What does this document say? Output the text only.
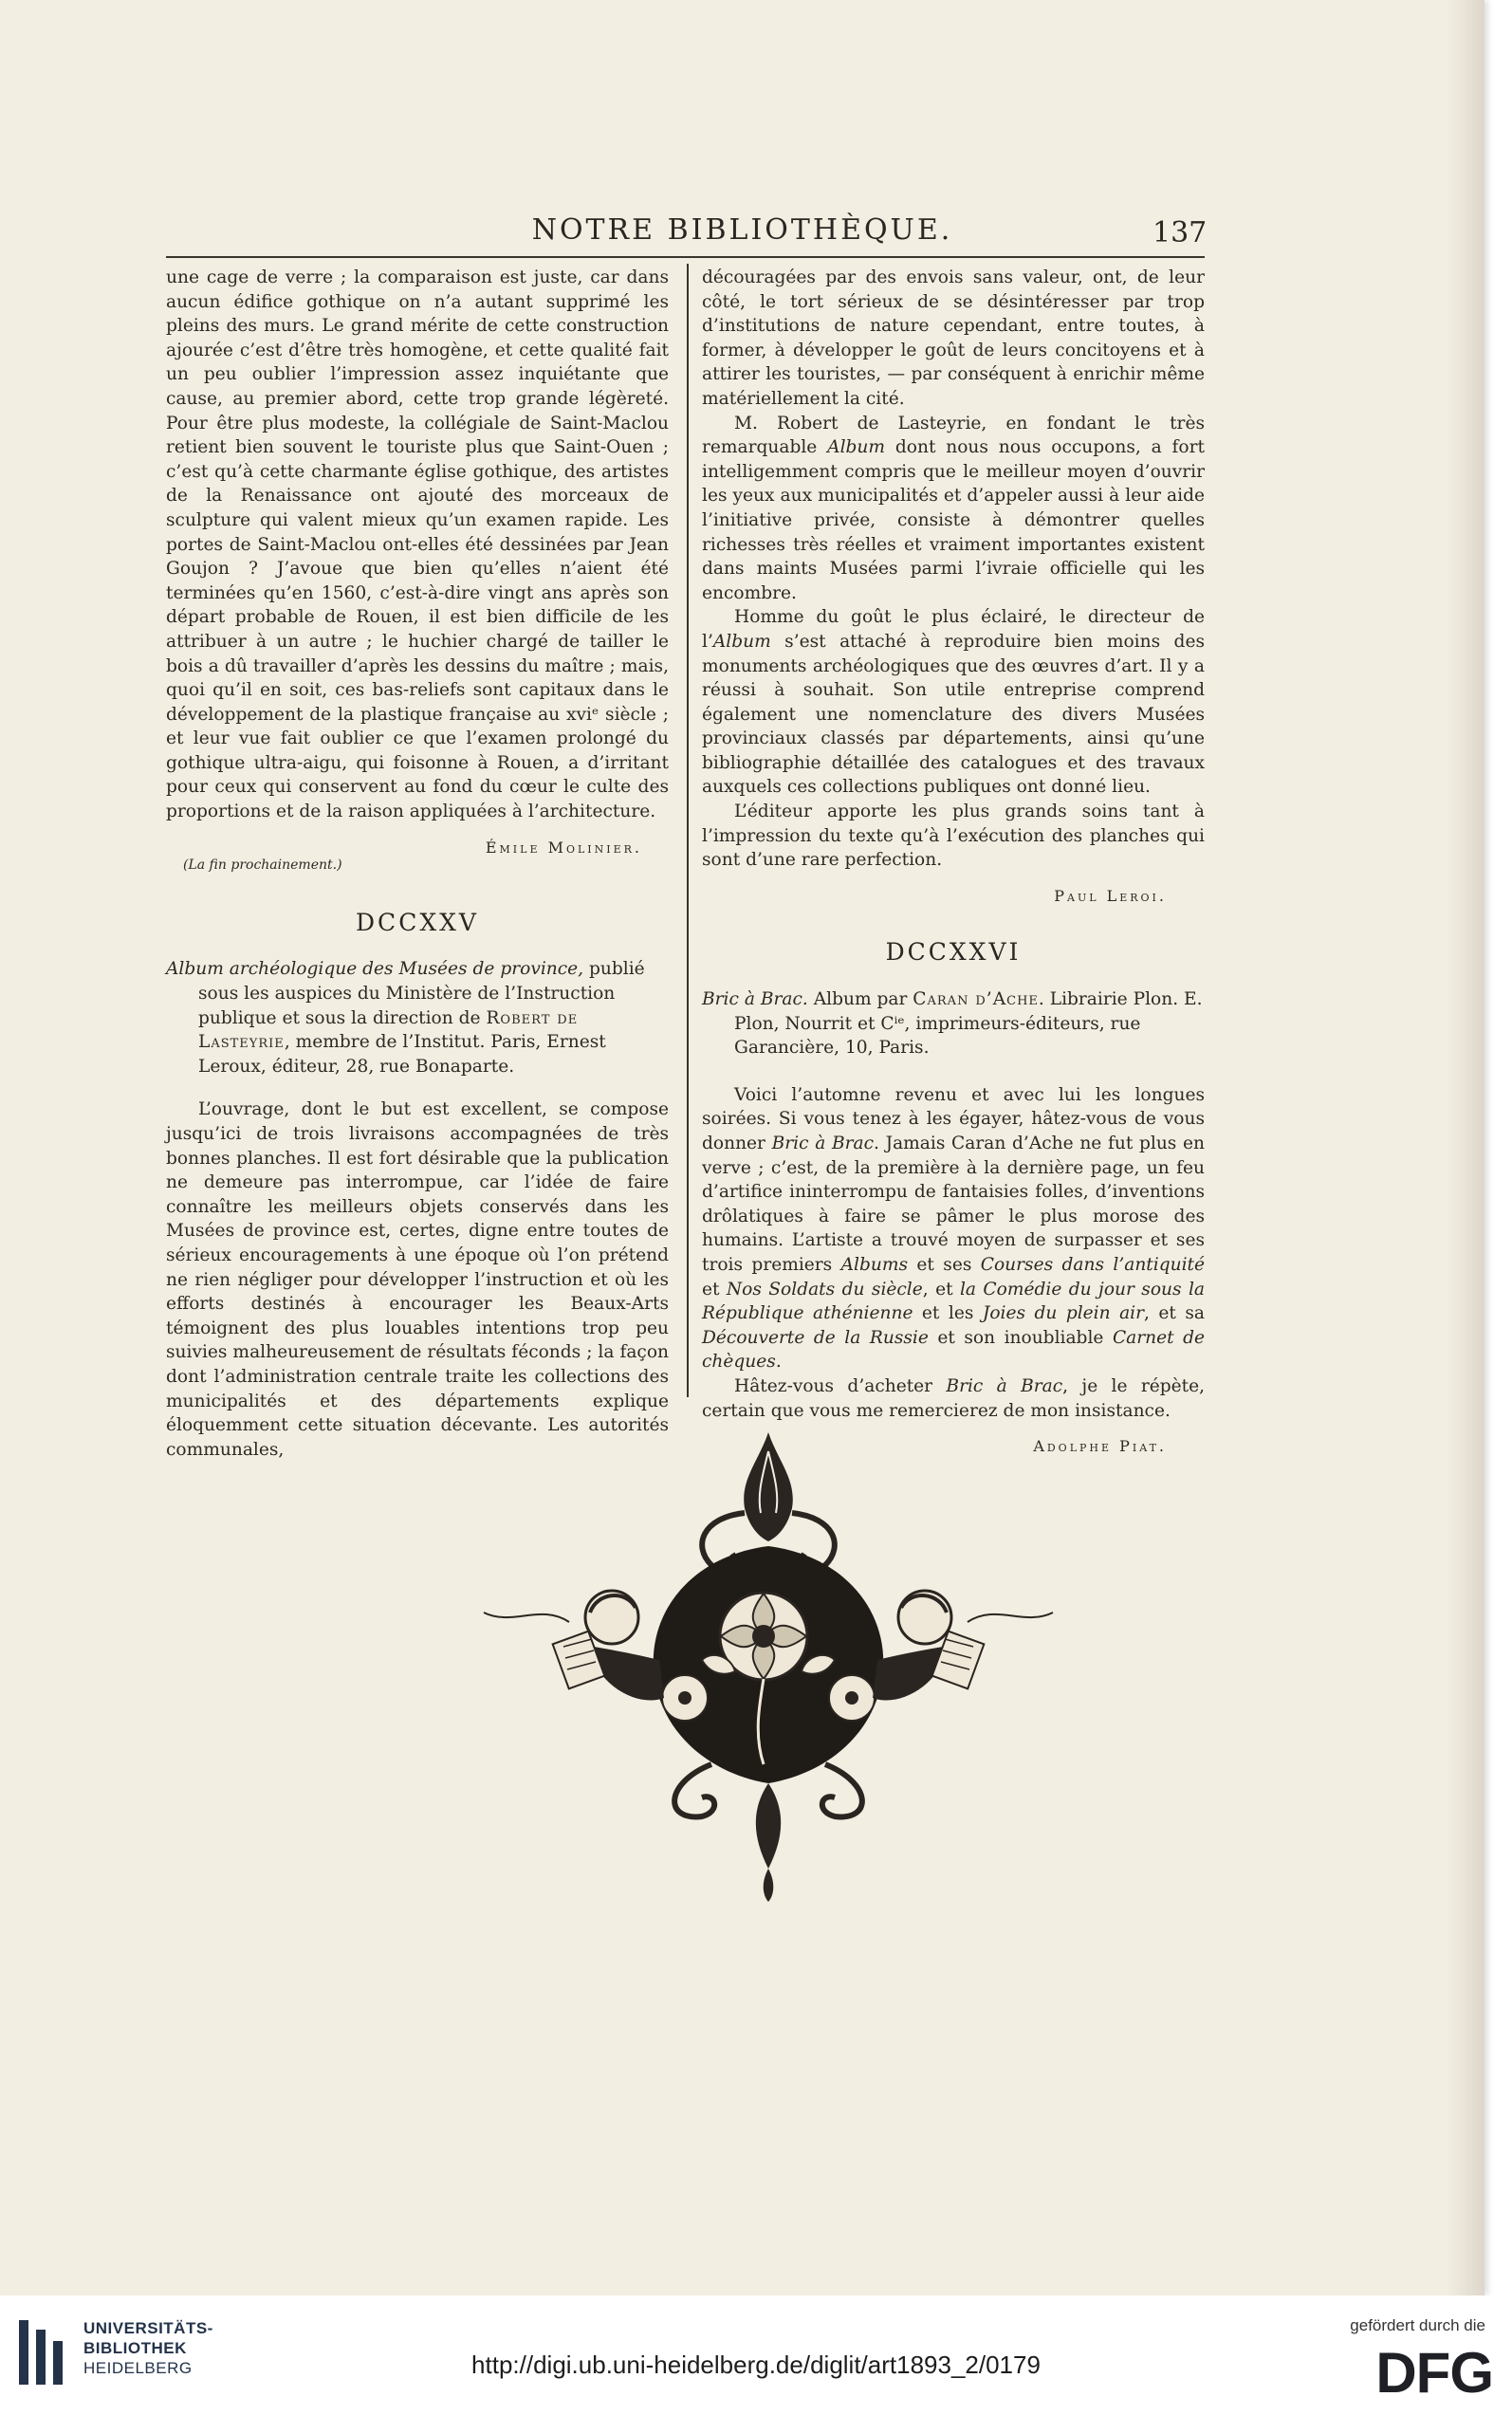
NOTRE BIBLIOTHÈQUE.	137

une cage de verre ; la comparaison est juste, car dans aucun édifice gothique on n’a autant supprimé les pleins des murs. Le grand mérite de cette construction ajourée c’est d’être très homogène, et cette qualité fait un peu oublier l’impression assez inquiétante que cause, au premier abord, cette trop grande légèreté. Pour être plus modeste, la collégiale de Saint-Maclou retient bien souvent le touriste plus que Saint-Ouen ; c’est qu’à cette charmante église gothique, des artistes de la Renaissance ont ajouté des morceaux de sculpture qui valent mieux qu’un examen rapide. Les portes de Saint-Maclou ont-elles été dessinées par Jean Goujon ? J’avoue que bien qu’elles n’aient été terminées qu’en 1560, c’est-à-dire vingt ans après son départ probable de Rouen, il est bien difficile de les attribuer à un autre ; le huchier chargé de tailler le bois a dû travailler d’après les dessins du maître ; mais, quoi qu’il en soit, ces bas-reliefs sont capitaux dans le développement de la plastique française au xviᵉ siècle ; et leur vue fait oublier ce que l’examen prolongé du gothique ultra-aigu, qui foisonne à Rouen, a d’irritant pour ceux qui conservent au fond du cœur le culte des proportions et de la raison appliquées à l’architecture.

Émile Molinier.
(La fin prochainement.)
DCCXXV

Album archéologique des Musées de province, publié sous les auspices du Ministère de l’Instruction publique et sous la direction de Robert de Lasteyrie, membre de l’Institut. Paris, Ernest Leroux, éditeur, 28, rue Bonaparte.

L’ouvrage, dont le but est excellent, se compose jusqu’ici de trois livraisons accompagnées de très bonnes planches. Il est fort désirable que la publication ne demeure pas interrompue, car l’idée de faire connaître les meilleurs objets conservés dans les Musées de province est, certes, digne entre toutes de sérieux encouragements à une époque où l’on prétend ne rien négliger pour développer l’instruction et où les efforts destinés à encourager les Beaux-Arts témoignent des plus louables intentions trop peu suivies malheureusement de résultats féconds ; la façon dont l’administration centrale traite les collections des municipalités et des départements explique éloquemment cette situation décevante. Les autorités communales,

découragées par des envois sans valeur, ont, de leur côté, le tort sérieux de se désintéresser par trop d’institutions de nature cependant, entre toutes, à former, à développer le goût de leurs concitoyens et à attirer les touristes, — par conséquent à enrichir même matériellement la cité.

M. Robert de Lasteyrie, en fondant le très remarquable Album dont nous nous occupons, a fort intelligemment compris que le meilleur moyen d’ouvrir les yeux aux municipalités et d’appeler aussi à leur aide l’initiative privée, consiste à démontrer quelles richesses très réelles et vraiment importantes existent dans maints Musées parmi l’ivraie officielle qui les encombre.

Homme du goût le plus éclairé, le directeur de l’Album s’est attaché à reproduire bien moins des monuments archéologiques que des œuvres d’art. Il y a réussi à souhait. Son utile entreprise comprend également une nomenclature des divers Musées provinciaux classés par départements, ainsi qu’une bibliographie détaillée des catalogues et des travaux auxquels ces collections publiques ont donné lieu.

L’éditeur apporte les plus grands soins tant à l’impression du texte qu’à l’exécution des planches qui sont d’une rare perfection.

Paul Leroi.
DCCXXVI

Bric à Brac. Album par Caran d’Ache. Librairie Plon. E. Plon, Nourrit et Cⁱᵉ, imprimeurs-éditeurs, rue Garancière, 10, Paris.

Voici l’automne revenu et avec lui les longues soirées. Si vous tenez à les égayer, hâtez-vous de vous donner Bric à Brac. Jamais Caran d’Ache ne fut plus en verve ; c’est, de la première à la dernière page, un feu d’artifice ininterrompu de fantaisies folles, d’inventions drôlatiques à faire se pâmer le plus morose des humains. L’artiste a trouvé moyen de surpasser et ses trois premiers Albums et ses Courses dans l’antiquité et Nos Soldats du siècle, et la Comédie du jour sous la République athénienne et les Joies du plein air, et sa Découverte de la Russie et son inoubliable Carnet de chèques.

Hâtez-vous d’acheter Bric à Brac, je le répète, certain que vous me remercierez de mon insistance.

Adolphe Piat.
UNIVERSITÄTS-
BIBLIOTHEK
HEIDELBERG	http://digi.ub.uni-heidelberg.de/diglit/art1893_2/0179
gefördert durch die
DFG
